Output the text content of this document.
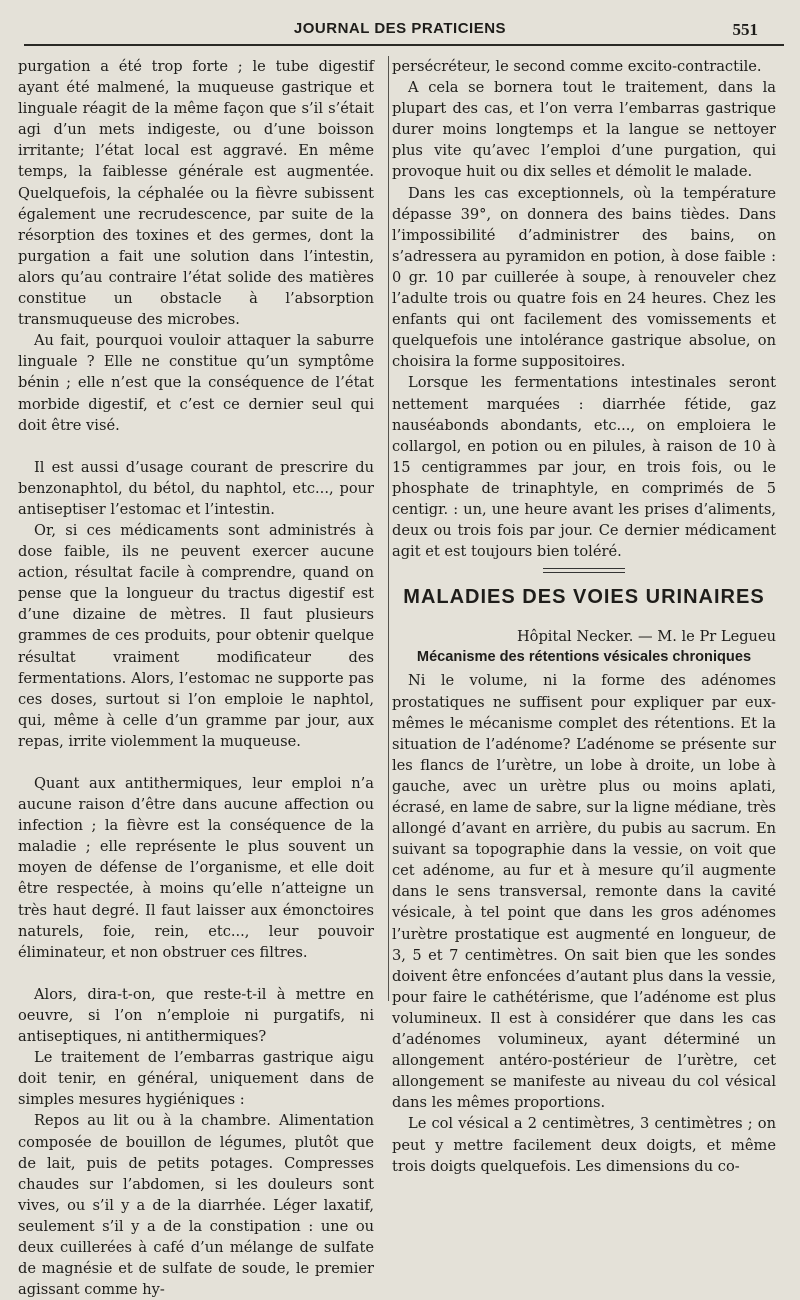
JOURNAL DES PRATICIENS	551

purgation a été trop forte ; le tube digestif ayant été malmené, la muqueuse gastrique et linguale réagit de la même façon que s’il s’était agi d’un mets indigeste, ou d’une boisson irritante; l’état local est aggravé. En même temps, la faiblesse générale est augmentée. Quelquefois, la céphalée ou la fièvre subissent également une recrudescence, par suite de la résorption des toxines et des germes, dont la purgation a fait une solution dans l’intestin, alors qu’au contraire l’état solide des matières constitue un obstacle à l’absorption transmuqueuse des microbes.

Au fait, pourquoi vouloir attaquer la saburre linguale ? Elle ne constitue qu’un symptôme bénin ; elle n’est que la conséquence de l’état morbide digestif, et c’est ce dernier seul qui doit être visé.

Il est aussi d’usage courant de prescrire du benzonaphtol, du bétol, du naphtol, etc..., pour antiseptiser l’estomac et l’intestin.

Or, si ces médicaments sont administrés à dose faible, ils ne peuvent exercer aucune action, résultat facile à comprendre, quand on pense que la longueur du tractus digestif est d’une dizaine de mètres. Il faut plusieurs grammes de ces produits, pour obtenir quelque résultat vraiment modificateur des fermentations. Alors, l’estomac ne supporte pas ces doses, surtout si l’on emploie le naphtol, qui, même à celle d’un gramme par jour, aux repas, irrite violemment la muqueuse.

Quant aux antithermiques, leur emploi n’a aucune raison d’être dans aucune affection ou infection ; la fièvre est la conséquence de la maladie ; elle représente le plus souvent un moyen de défense de l’organisme, et elle doit être respectée, à moins qu’elle n’atteigne un très haut degré. Il faut laisser aux émonctoires naturels, foie, rein, etc..., leur pouvoir éliminateur, et non obstruer ces filtres.

Alors, dira-t-on, que reste-t-il à mettre en oeuvre, si l’on n’emploie ni purgatifs, ni antiseptiques, ni antithermiques?

Le traitement de l’embarras gastrique aigu doit tenir, en général, uniquement dans de simples mesures hygiéniques :

Repos au lit ou à la chambre. Alimentation composée de bouillon de légumes, plutôt que de lait, puis de petits potages. Compresses chaudes sur l’abdomen, si les douleurs sont vives, ou s’il y a de la diarrhée. Léger laxatif, seulement s’il y a de la constipation : une ou deux cuillerées à café d’un mélange de sulfate de magnésie et de sulfate de soude, le premier agissant comme hy-

persécréteur, le second comme excito-contractile.

A cela se bornera tout le traitement, dans la plupart des cas, et l’on verra l’embarras gastrique durer moins longtemps et la langue se nettoyer plus vite qu’avec l’emploi d’une purgation, qui provoque huit ou dix selles et démolit le malade.

Dans les cas exceptionnels, où la température dépasse 39°, on donnera des bains tièdes. Dans l’impossibilité d’administrer des bains, on s’adressera au pyramidon en potion, à dose faible : 0 gr. 10 par cuillerée à soupe, à renouveler chez l’adulte trois ou quatre fois en 24 heures. Chez les enfants qui ont facilement des vomissements et quelquefois une intolérance gastrique absolue, on choisira la forme suppositoires.

Lorsque les fermentations intestinales seront nettement marquées : diarrhée fétide, gaz nauséabonds abondants, etc..., on emploiera le collargol, en potion ou en pilules, à raison de 10 à 15 centigrammes par jour, en trois fois, ou le phosphate de trinaphtyle, en comprimés de 5 centigr. : un, une heure avant les prises d’aliments, deux ou trois fois par jour. Ce dernier médicament agit et est toujours bien toléré.

MALADIES DES VOIES URINAIRES

Hôpital Necker. — M. le Pr Legueu

Mécanisme des rétentions vésicales chroniques

Ni le volume, ni la forme des adénomes prostatiques ne suffisent pour expliquer par eux-mêmes le mécanisme complet des rétentions. Et la situation de l’adénome? L’adénome se présente sur les flancs de l’urètre, un lobe à droite, un lobe à gauche, avec un urètre plus ou moins aplati, écrasé, en lame de sabre, sur la ligne médiane, très allongé d’avant en arrière, du pubis au sacrum. En suivant sa topographie dans la vessie, on voit que cet adénome, au fur et à mesure qu’il augmente dans le sens transversal, remonte dans la cavité vésicale, à tel point que dans les gros adénomes l’urètre prostatique est augmenté en longueur, de 3, 5 et 7 centimètres. On sait bien que les sondes doivent être enfoncées d’autant plus dans la vessie, pour faire le cathétérisme, que l’adénome est plus volumineux. Il est à considérer que dans les cas d’adénomes volumineux, ayant déterminé un allongement antéro-postérieur de l’urètre, cet allongement se manifeste au niveau du col vésical dans les mêmes proportions.

Le col vésical a 2 centimètres, 3 centimètres ; on peut y mettre facilement deux doigts, et même trois doigts quelquefois. Les dimensions du co-
